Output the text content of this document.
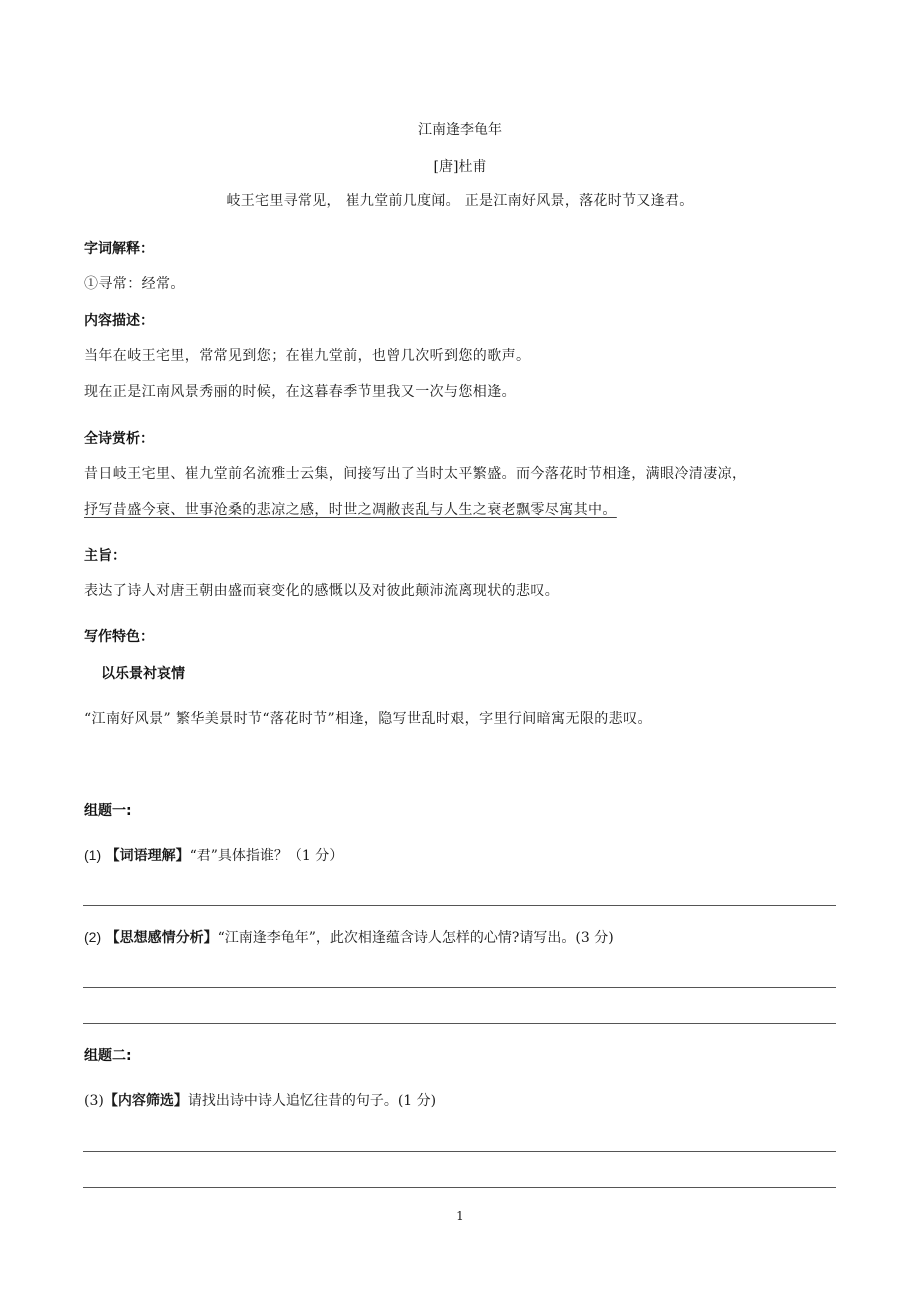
江南逢李龟年
[唐]杜甫
岐王宅里寻常见， 崔九堂前几度闻。 正是江南好风景，落花时节又逢君。
字词解释：
①寻常：经常。
内容描述：
当年在岐王宅里，常常见到您；在崔九堂前，也曾几次听到您的歌声。
现在正是江南风景秀丽的时候，在这暮春季节里我又一次与您相逢。
全诗赏析：
昔日岐王宅里、崔九堂前名流雅士云集，间接写出了当时太平繁盛。而今落花时节相逢，满眼冷清凄凉，
抒写昔盛今衰、世事沧桑的悲凉之感，时世之凋敝丧乱与人生之衰老飘零尽寓其中。
主旨：
表达了诗人对唐王朝由盛而衰变化的感慨以及对彼此颠沛流离现状的悲叹。
写作特色：
以乐景衬哀情
“江南好风景” 繁华美景时节“落花时节”相逢，隐写世乱时艰，字里行间暗寓无限的悲叹。
组题一:
(1) 【词语理解】“君”具体指谁？（1 分）
(2) 【思想感情分析】“江南逢李龟年”，此次相逢蕴含诗人怎样的心情?请写出。(3 分)
组题二:
(3)【内容筛选】请找出诗中诗人追忆往昔的句子。(1 分)
1
